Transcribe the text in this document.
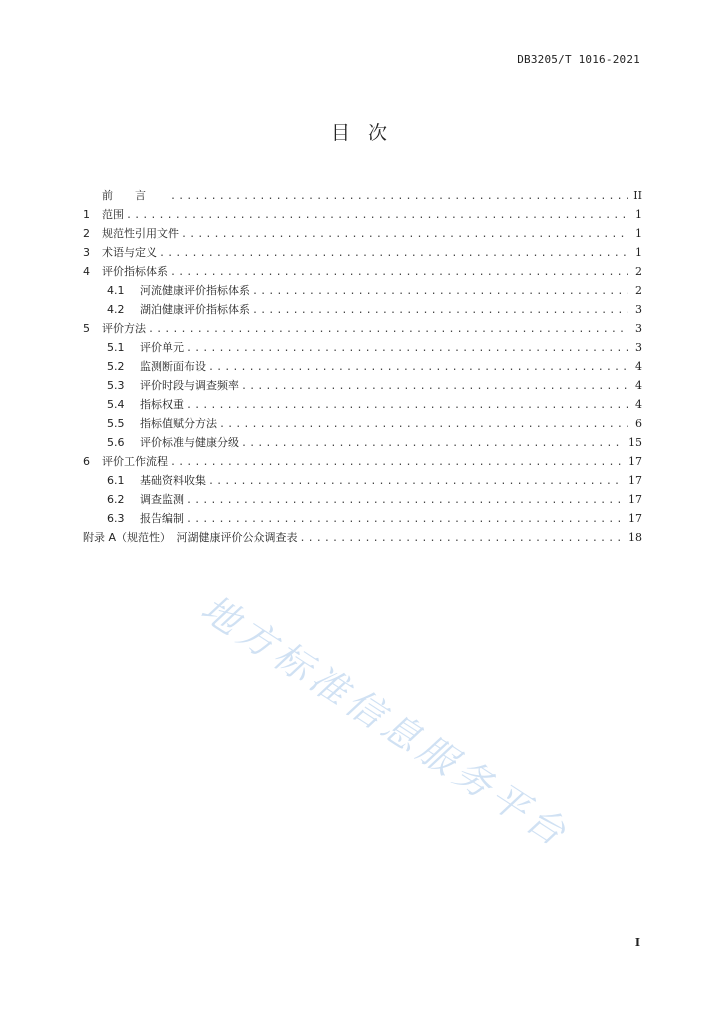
DB3205/T 1016-2021
目 次
前言 .....	II
1	范围 .....	1
2	规范性引用文件 .....	1
3	术语与定义 .....	1
4	评价指标体系 .....	2
4.1	河流健康评价指标体系 .....	2
4.2	湖泊健康评价指标体系 .....	3
5	评价方法 .....	3
5.1	评价单元 .....	3
5.2	监测断面布设 .....	4
5.3	评价时段与调查频率 .....	4
5.4	指标权重 .....	4
5.5	指标值赋分方法 .....	6
5.6	评价标准与健康分级 .....	15
6	评价工作流程 .....	17
6.1	基础资料收集 .....	17
6.2	调查监测 .....	17
6.3	报告编制 .....	17
附录 A（规范性）　河湖健康评价公众调查表 .....	18
地方标准信息服务平台
I
